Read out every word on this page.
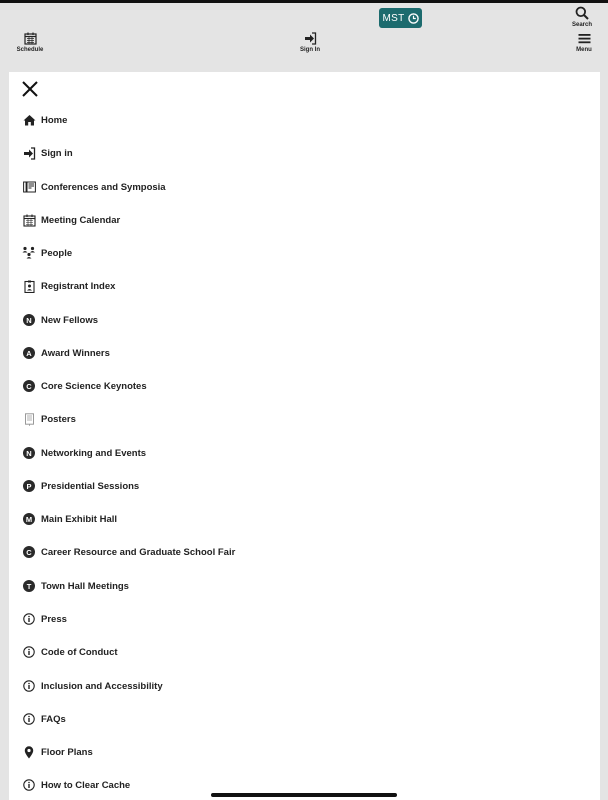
MST
Search
Schedule	Sign In	Menu
Home
Sign in
Conferences and Symposia
Meeting Calendar
People
Registrant Index
N New Fellows
A Award Winners
C Core Science Keynotes
Posters
N Networking and Events
P	Presidential Sessions
M Main Exhibit Hall
C Career Resource and Graduate School Fair
T	Town Hall Meetings
Press
Code of Conduct
Inclusion and Accessibility
FAQs
Floor Plans
How to Clear Cache
